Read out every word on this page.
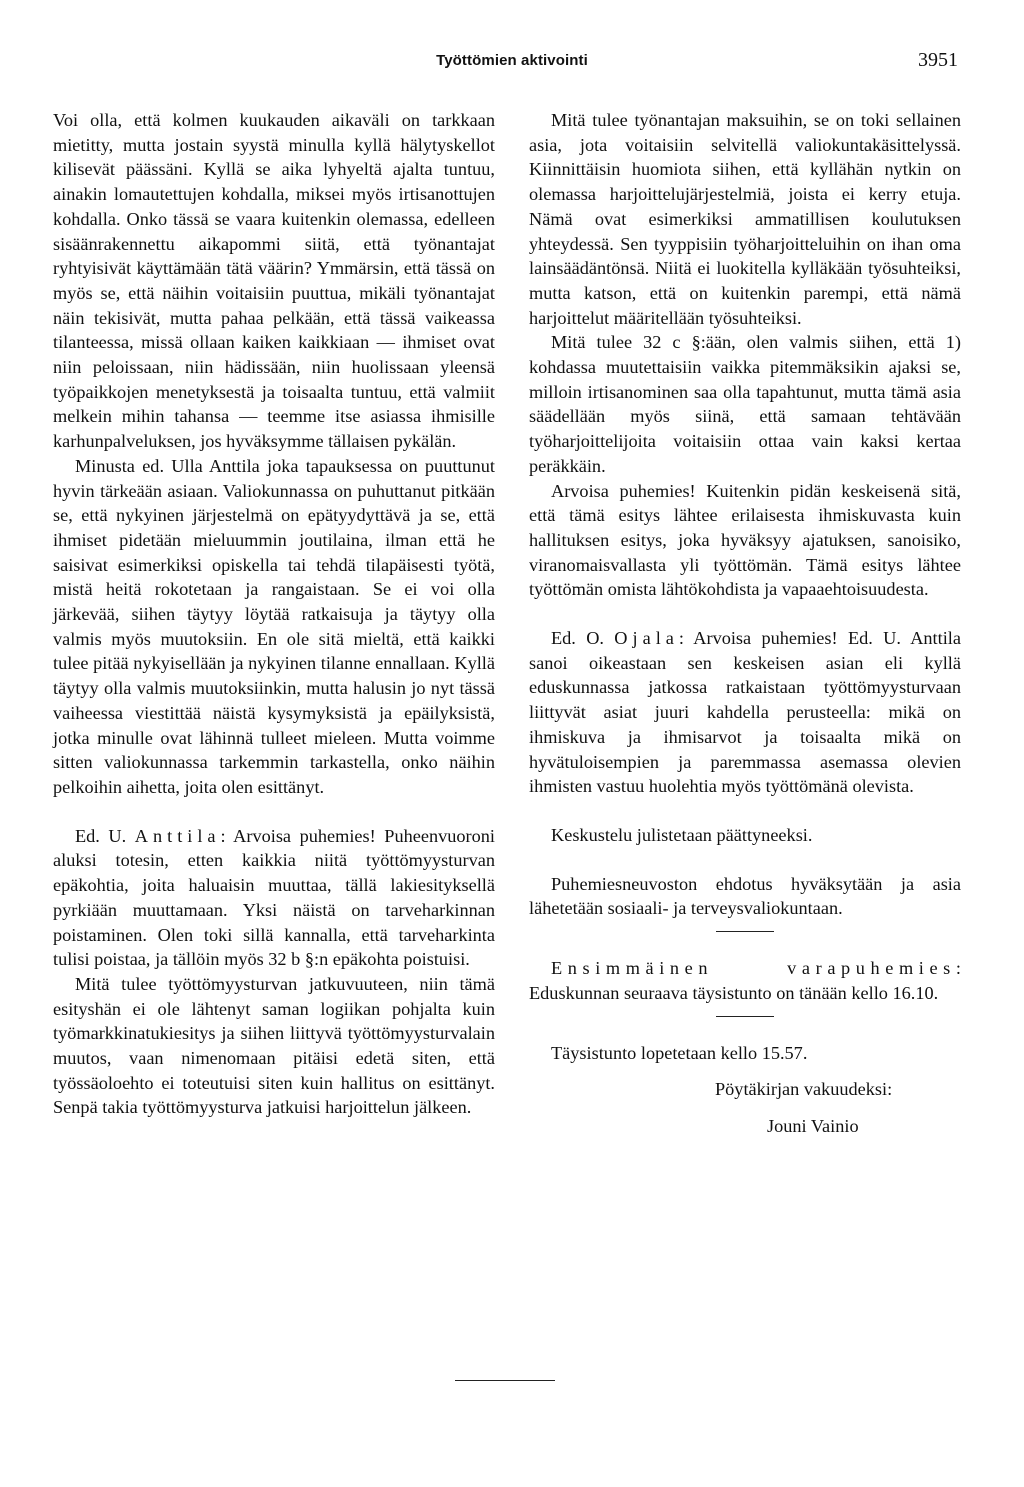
Työttömien aktivointi	3951

Voi olla, että kolmen kuukauden aikaväli on tarkkaan mietitty, mutta jostain syystä minulla kyllä hälytyskellot kilisevät päässäni. Kyllä se aika lyhyeltä ajalta tuntuu, ainakin lomautettujen kohdalla, miksei myös irtisanottujen kohdalla. Onko tässä se vaara kuitenkin olemassa, edelleen sisäänrakennettu aikapommi siitä, että työnantajat ryhtyisivät käyttämään tätä väärin? Ymmärsin, että tässä on myös se, että näihin voitaisiin puuttua, mikäli työnantajat näin tekisivät, mutta pahaa pelkään, että tässä vaikeassa tilanteessa, missä ollaan kaiken kaikkiaan — ihmiset ovat niin peloissaan, niin hädissään, niin huolissaan yleensä työpaikkojen menetyksestä ja toisaalta tuntuu, että valmiit melkein mihin tahansa — teemme itse asiassa ihmisille karhunpalveluksen, jos hyväksymme tällaisen pykälän.

Minusta ed. Ulla Anttila joka tapauksessa on puuttunut hyvin tärkeään asiaan. Valiokunnassa on puhuttanut pitkään se, että nykyinen järjestelmä on epätyydyttävä ja se, että ihmiset pidetään mieluummin joutilaina, ilman että he saisivat esimerkiksi opiskella tai tehdä tilapäisesti työtä, mistä heitä rokotetaan ja rangaistaan. Se ei voi olla järkevää, siihen täytyy löytää ratkaisuja ja täytyy olla valmis myös muutoksiin. En ole sitä mieltä, että kaikki tulee pitää nykyisellään ja nykyinen tilanne ennallaan. Kyllä täytyy olla valmis muutoksiinkin, mutta halusin jo nyt tässä vaiheessa viestittää näistä kysymyksistä ja epäilyksistä, jotka minulle ovat lähinnä tulleet mieleen. Mutta voimme sitten valiokunnassa tarkemmin tarkastella, onko näihin pelkoihin aihetta, joita olen esittänyt.

Ed. U. Anttila: Arvoisa puhemies! Puheenvuoroni aluksi totesin, etten kaikkia niitä työttömyysturvan epäkohtia, joita haluaisin muuttaa, tällä lakiesityksellä pyrkiään muuttamaan. Yksi näistä on tarveharkinnan poistaminen. Olen toki sillä kannalla, että tarveharkinta tulisi poistaa, ja tällöin myös 32 b §:n epäkohta poistuisi.

Mitä tulee työttömyysturvan jatkuvuuteen, niin tämä esityshän ei ole lähtenyt saman logiikan pohjalta kuin työmarkkinatukiesitys ja siihen liittyvä työttömyysturvalain muutos, vaan nimenomaan pitäisi edetä siten, että työssäoloehto ei toteutuisi siten kuin hallitus on esittänyt. Senpä takia työttömyysturva jatkuisi harjoittelun jälkeen.

Mitä tulee työnantajan maksuihin, se on toki sellainen asia, jota voitaisiin selvitellä valiokuntakäsittelyssä. Kiinnittäisin huomiota siihen, että kyllähän nytkin on olemassa harjoittelujärjestelmiä, joista ei kerry etuja. Nämä ovat esimerkiksi ammatillisen koulutuksen yhteydessä. Sen tyyppisiin työharjoitteluihin on ihan oma lainsäädäntönsä. Niitä ei luokitella kylläkään työsuhteiksi, mutta katson, että on kuitenkin parempi, että nämä harjoittelut määritellään työsuhteiksi.

Mitä tulee 32 c §:ään, olen valmis siihen, että 1) kohdassa muutettaisiin vaikka pitemmäksikin ajaksi se, milloin irtisanominen saa olla tapahtunut, mutta tämä asia säädellään myös siinä, että samaan tehtävään työharjoittelijoita voitaisiin ottaa vain kaksi kertaa peräkkäin.

Arvoisa puhemies! Kuitenkin pidän keskeisenä sitä, että tämä esitys lähtee erilaisesta ihmiskuvasta kuin hallituksen esitys, joka hyväksyy ajatuksen, sanoisiko, viranomaisvallasta yli työttömän. Tämä esitys lähtee työttömän omista lähtökohdista ja vapaaehtoisuudesta.

Ed. O. Ojala: Arvoisa puhemies! Ed. U. Anttila sanoi oikeastaan sen keskeisen asian eli kyllä eduskunnassa jatkossa ratkaistaan työttömyysturvaan liittyvät asiat juuri kahdella perusteella: mikä on ihmiskuva ja ihmisarvot ja toisaalta mikä on hyvätuloisempien ja paremmassa asemassa olevien ihmisten vastuu huolehtia myös työttömänä olevista.

Keskustelu julistetaan päättyneeksi.

Puhemiesneuvoston ehdotus hyväksytään ja asia lähetetään sosiaali- ja terveysvaliokuntaan.

Ensimmäinen varapuhemies: Eduskunnan seuraava täysistunto on tänään kello 16.10.

Täysistunto lopetetaan kello 15.57.

Pöytäkirjan vakuudeksi:

Jouni Vainio
